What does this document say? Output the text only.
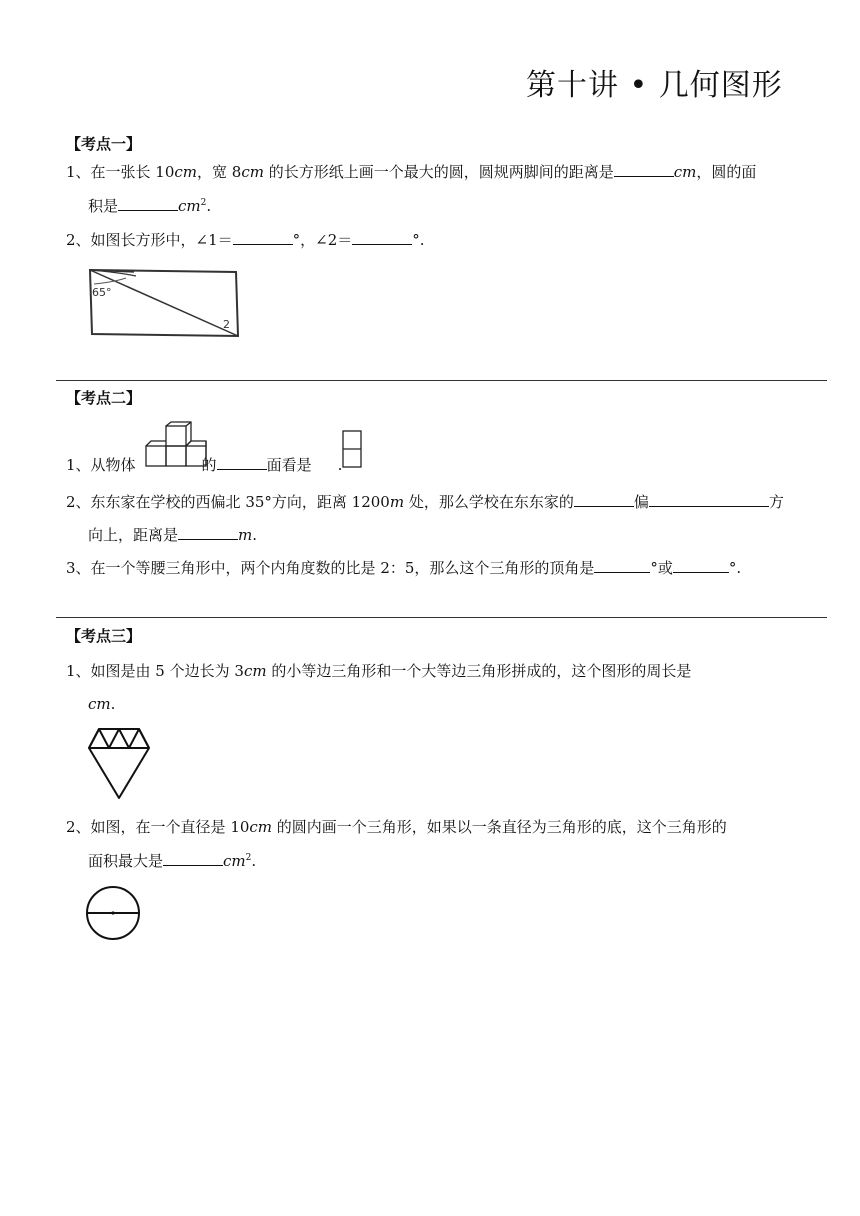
第十讲 • 几何图形
【考点一】
1、在一张长 10cm，宽 8cm 的长方形纸上画一个最大的圆，圆规两脚间的距离是	cm，圆的面
积是	$cm^2$.
2、如图长方形中，∠1＝	°，∠2＝	°.
65°
2
【考点二】
1、从物体	的	面看是 .
2、东东家在学校的西偏北 35°方向，距离 1200m 处，那么学校在东东家的	偏	方
向上，距离是	m.
3、在一个等腰三角形中，两个内角度数的比是 2：5，那么这个三角形的顶角是	°或	°.
【考点三】
1、如图是由 5 个边长为 3cm 的小等边三角形和一个大等边三角形拼成的，这个图形的周长是
cm.
2、如图，在一个直径是 10cm 的圆内画一个三角形，如果以一条直径为三角形的底，这个三角形的
面积最大是	$cm^2$.
